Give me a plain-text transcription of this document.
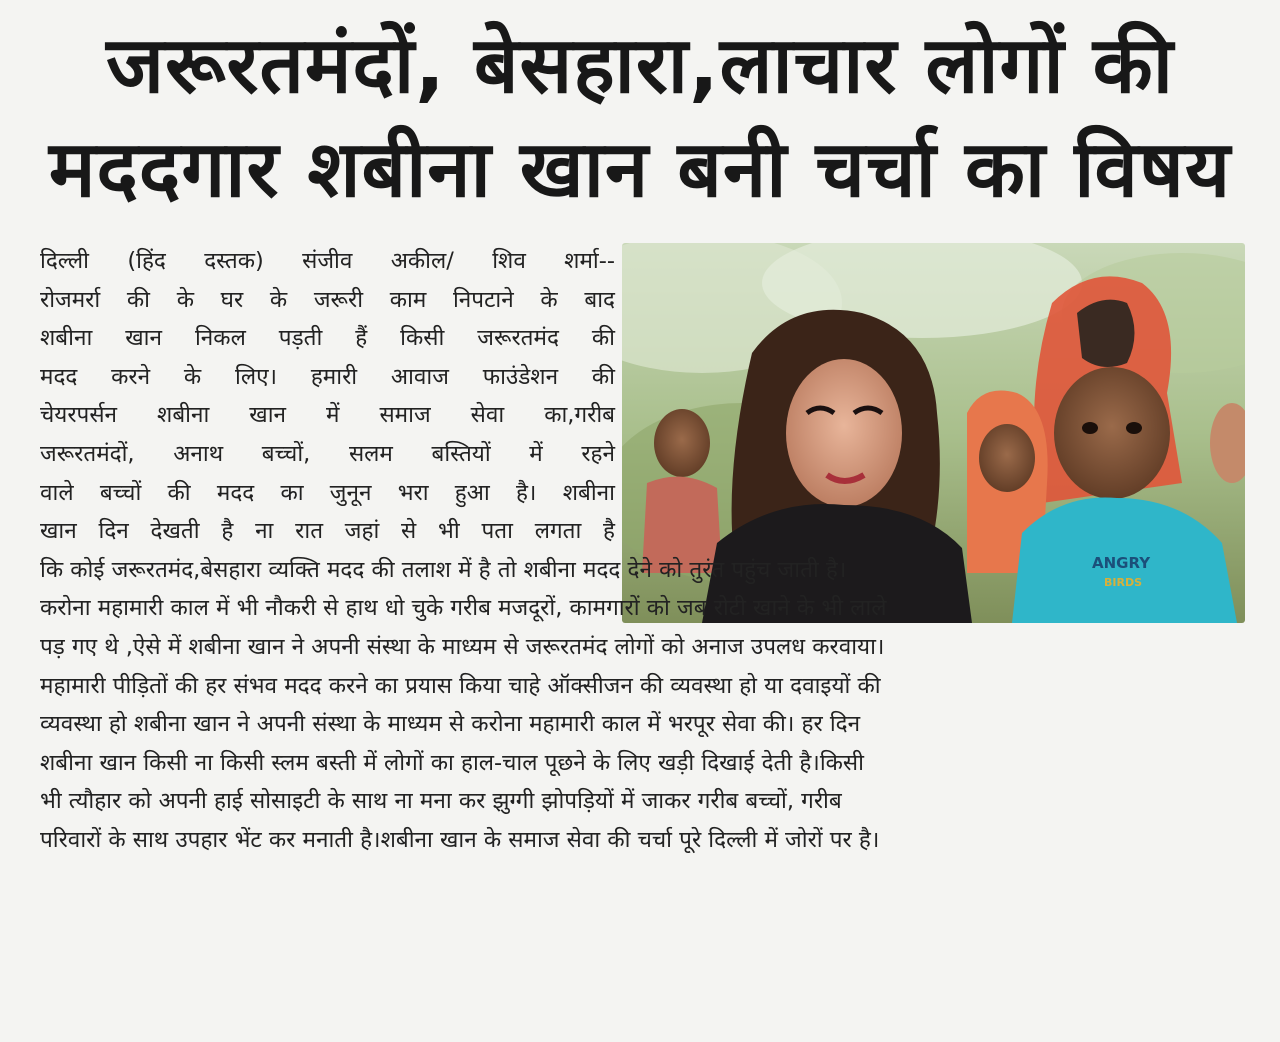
जरूरतमंदों, बेसहारा,लाचार लोगों की
मददगार शबीना खान बनी चर्चा का विषय
ANGRY
BIRDS
दिल्ली (हिंद दस्तक) संजीव अकील/ शिव शर्मा--
रोजमर्रा की के घर के जरूरी काम निपटाने के बाद
शबीना खान निकल पड़ती हैं किसी जरूरतमंद की
मदद करने के लिए। हमारी आवाज फाउंडेशन की
चेयरपर्सन शबीना खान में समाज सेवा का,गरीब
जरूरतमंदों, अनाथ बच्चों, सलम बस्तियों में रहने
वाले बच्चों की मदद का जुनून भरा हुआ है। शबीना
खान दिन देखती है ना रात जहां से भी पता लगता है
कि कोई जरूरतमंद,बेसहारा व्यक्ति मदद की तलाश में है तो शबीना मदद देने को तुरंत पहुंच जाती है।
करोना महामारी काल में भी नौकरी से हाथ धो चुके गरीब मजदूरों, कामगारों को जब रोटी खाने के भी लाले
पड़ गए थे ,ऐसे में शबीना खान ने अपनी संस्था के माध्यम से जरूरतमंद लोगों को अनाज उपलध करवाया।
महामारी पीड़ितों की हर संभव मदद करने का प्रयास किया चाहे ऑक्सीजन की व्यवस्था हो या दवाइयों की
व्यवस्था हो शबीना खान ने अपनी संस्था के माध्यम से करोना महामारी काल में भरपूर सेवा की। हर दिन
शबीना खान किसी ना किसी स्लम बस्ती में लोगों का हाल-चाल पूछने के लिए खड़ी दिखाई देती है।किसी
भी त्यौहार को अपनी हाई सोसाइटी के साथ ना मना कर झुग्गी झोपड़ियों में जाकर गरीब बच्चों, गरीब
परिवारों के साथ उपहार भेंट कर मनाती है।शबीना खान के समाज सेवा की चर्चा पूरे दिल्ली में जोरों पर है।
